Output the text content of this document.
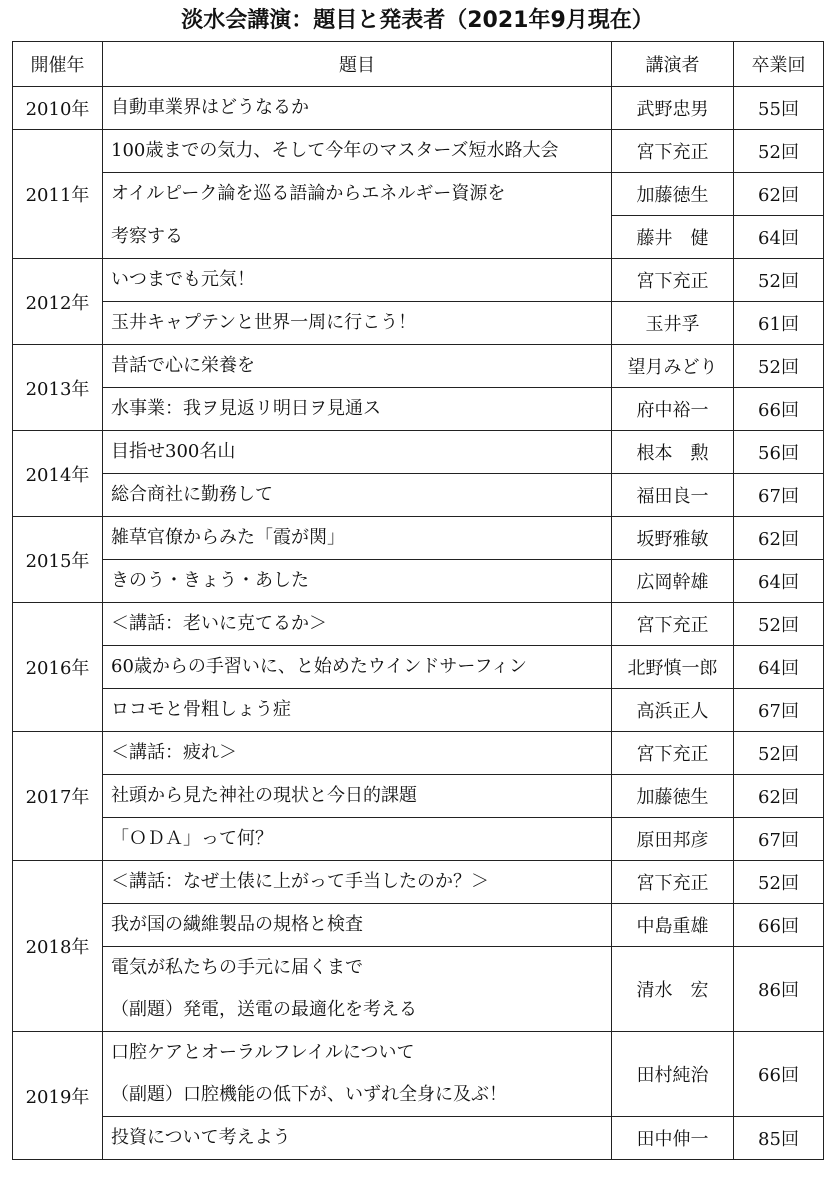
淡水会講演：題目と発表者（2021年9月現在）
開催年	題目	講演者	卒業回
2010年	自動車業界はどうなるか	武野忠男	55回
2011年	100歳までの気力、そして今年のマスターズ短水路大会	宮下充正	52回

	オイルピーク論を巡る語論からエネルギー資源を	加藤徳生	62回

	考察する	藤井　健	64回
2012年	いつまでも元気！	宮下充正	52回

	玉井キャプテンと世界一周に行こう！	玉井孚	61回
2013年	昔話で心に栄養を	望月みどり	52回

	水事業：我ヲ見返リ明日ヲ見通ス	府中裕一	66回
2014年	目指せ300名山	根本　勲	56回

	総合商社に勤務して	福田良一	67回
2015年	雑草官僚からみた「霞が関」	坂野雅敏	62回

	きのう・きょう・あした	広岡幹雄	64回
2016年	＜講話：老いに克てるか＞	宮下充正	52回

	60歳からの手習いに、と始めたウインドサーフィン	北野慎一郎	64回

	ロコモと骨粗しょう症	高浜正人	67回
2017年	＜講話：疲れ＞	宮下充正	52回

	社頭から見た神社の現状と今日的課題	加藤徳生	62回

	「ＯＤＡ」って何？	原田邦彦	67回
2018年	＜講話：なぜ土俵に上がって手当したのか？＞	宮下充正	52回

	我が国の繊維製品の規格と検査	中島重雄	66回

	電気が私たちの手元に届くまで
（副題）発電，送電の最適化を考える	清水　宏	86回
2019年	口腔ケアとオーラルフレイルについて
（副題）口腔機能の低下が、いずれ全身に及ぶ！	田村純治	66回

	投資について考えよう	田中伸一	85回
